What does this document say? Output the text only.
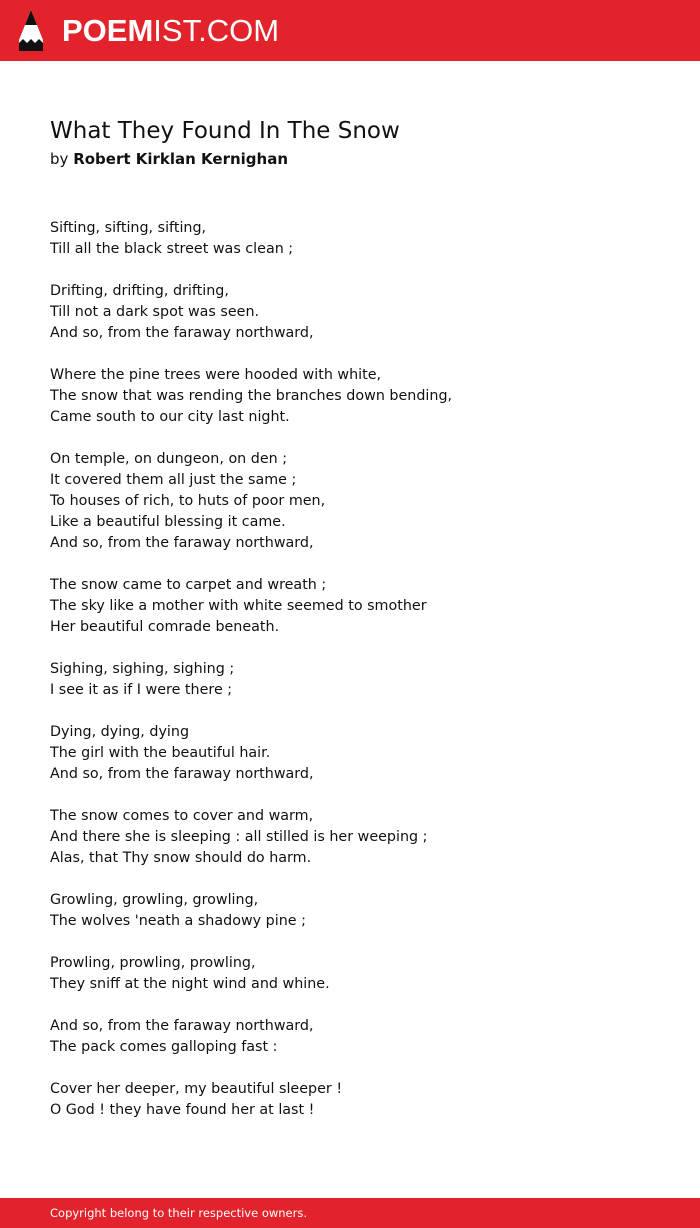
POEMIST.COM
What They Found In The Snow
by Robert Kirklan Kernighan
Sifting, sifting, sifting,
Till all the black street was clean ;
Drifting, drifting, drifting,
Till not a dark spot was seen.
And so, from the faraway northward,
Where the pine trees were hooded with white,
The snow that was rending the branches down bending,
Came south to our city last night.
On temple, on dungeon, on den ;
It covered them all just the same ;
To houses of rich, to huts of poor men,
Like a beautiful blessing it came.
And so, from the faraway northward,
The snow came to carpet and wreath ;
The sky like a mother with white seemed to smother
Her beautiful comrade beneath.
Sighing, sighing, sighing ;
I see it as if I were there ;
Dying, dying, dying
The girl with the beautiful hair.
And so, from the faraway northward,
The snow comes to cover and warm,
And there she is sleeping : all stilled is her weeping ;
Alas, that Thy snow should do harm.
Growling, growling, growling,
The wolves 'neath a shadowy pine ;
Prowling, prowling, prowling,
They sniff at the night wind and whine.
And so, from the faraway northward,
The pack comes galloping fast :
Cover her deeper, my beautiful sleeper !
O God ! they have found her at last !
Copyright belong to their respective owners.
